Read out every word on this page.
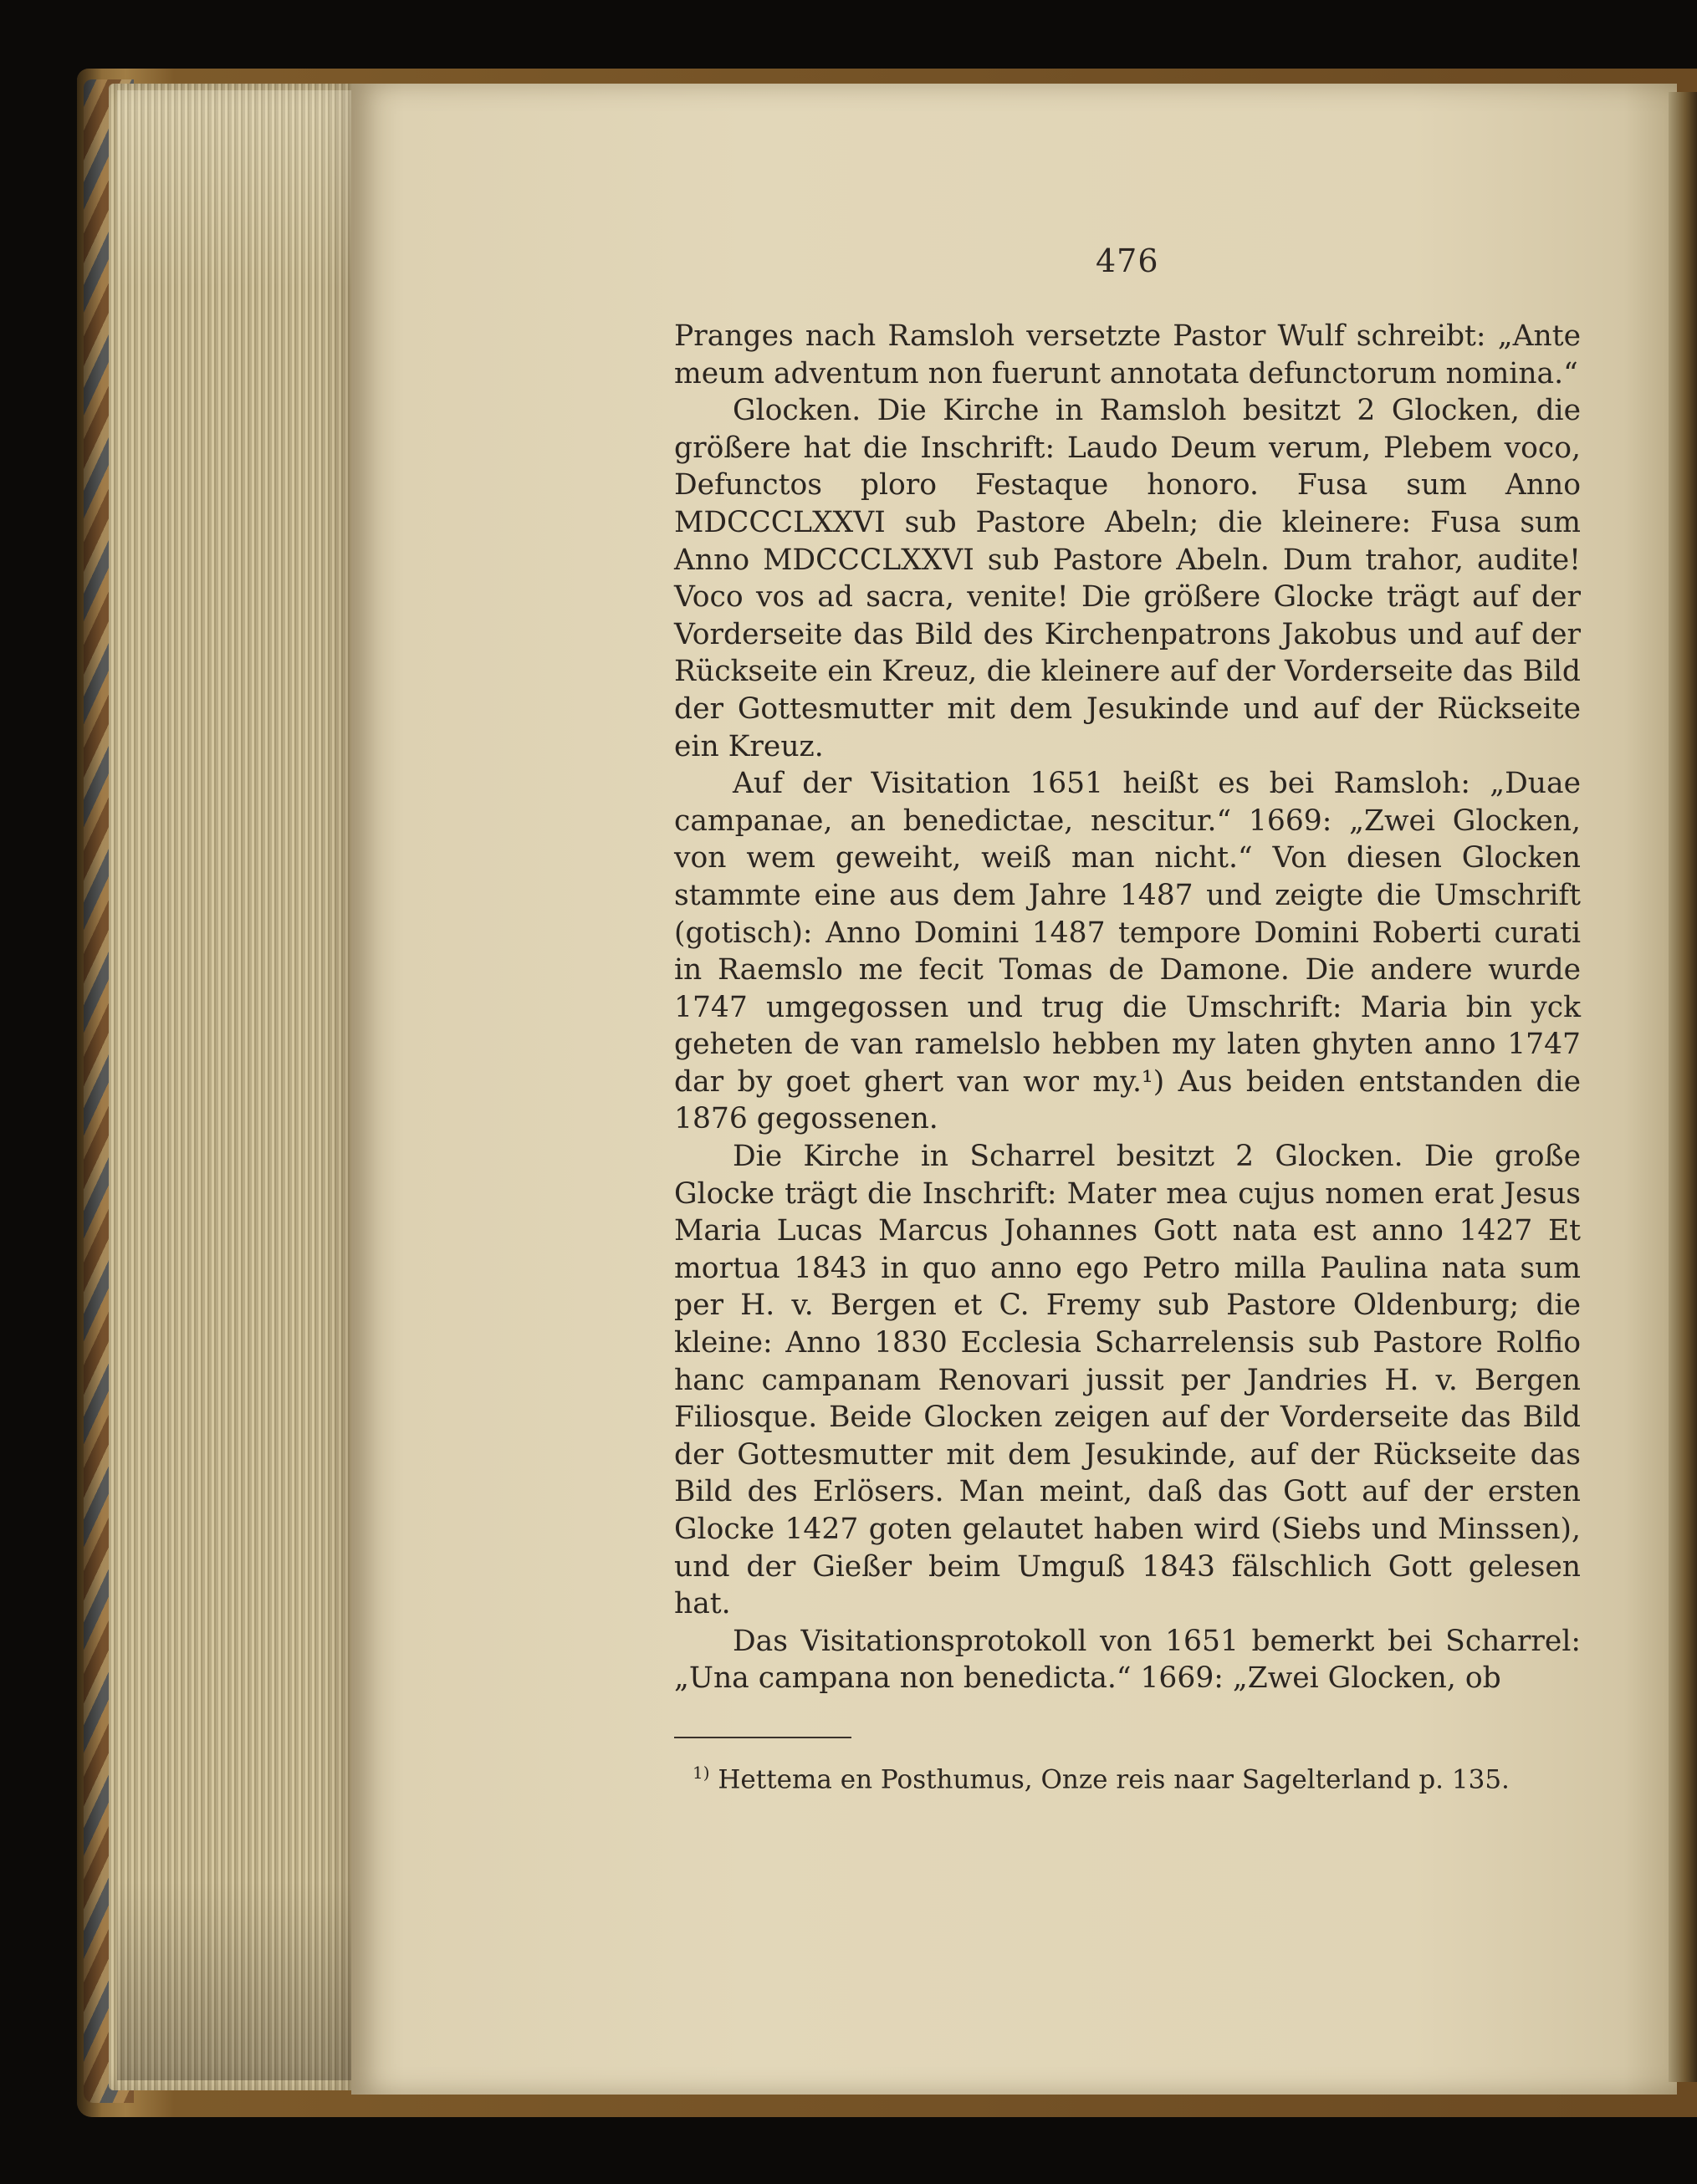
476

Pranges nach Ramsloh versetzte Pastor Wulf schreibt: „Ante meum adventum non fuerunt annotata defunctorum nomina.“

Glocken. Die Kirche in Ramsloh besitzt 2 Glocken, die größere hat die Inschrift: Laudo Deum verum, Plebem voco, Defunctos ploro Festaque honoro. Fusa sum Anno MDCCCLXXVI sub Pastore Abeln; die kleinere: Fusa sum Anno MDCCCLXXVI sub Pastore Abeln. Dum trahor, audite! Voco vos ad sacra, venite! Die größere Glocke trägt auf der Vorderseite das Bild des Kirchenpatrons Jakobus und auf der Rückseite ein Kreuz, die kleinere auf der Vorderseite das Bild der Gottesmutter mit dem Jesukinde und auf der Rückseite ein Kreuz.

Auf der Visitation 1651 heißt es bei Ramsloh: „Duae campanae, an benedictae, nescitur.“ 1669: „Zwei Glocken, von wem geweiht, weiß man nicht.“ Von diesen Glocken stammte eine aus dem Jahre 1487 und zeigte die Umschrift (gotisch): Anno Domini 1487 tempore Domini Roberti curati in Raemslo me fecit Tomas de Damone. Die andere wurde 1747 umgegossen und trug die Umschrift: Maria bin yck geheten de van ramelslo hebben my laten ghyten anno 1747 dar by goet ghert van wor my.¹) Aus beiden entstanden die 1876 gegossenen.

Die Kirche in Scharrel besitzt 2 Glocken. Die große Glocke trägt die Inschrift: Mater mea cujus nomen erat Jesus Maria Lucas Marcus Johannes Gott nata est anno 1427 Et mortua 1843 in quo anno ego Petro milla Paulina nata sum per H. v. Bergen et C. Fremy sub Pastore Oldenburg; die kleine: Anno 1830 Ecclesia Scharrelensis sub Pastore Rolfio hanc campanam Renovari jussit per Jandries H. v. Bergen Filiosque. Beide Glocken zeigen auf der Vorderseite das Bild der Gottesmutter mit dem Jesukinde, auf der Rückseite das Bild des Erlösers. Man meint, daß das Gott auf der ersten Glocke 1427 goten gelautet haben wird (Siebs und Minssen), und der Gießer beim Umguß 1843 fälschlich Gott gelesen hat.

Das Visitationsprotokoll von 1651 bemerkt bei Scharrel: „Una campana non benedicta.“ 1669: „Zwei Glocken, ob

$^{1)}$ Hettema en Posthumus, Onze reis naar Sagelterland p. 135.
